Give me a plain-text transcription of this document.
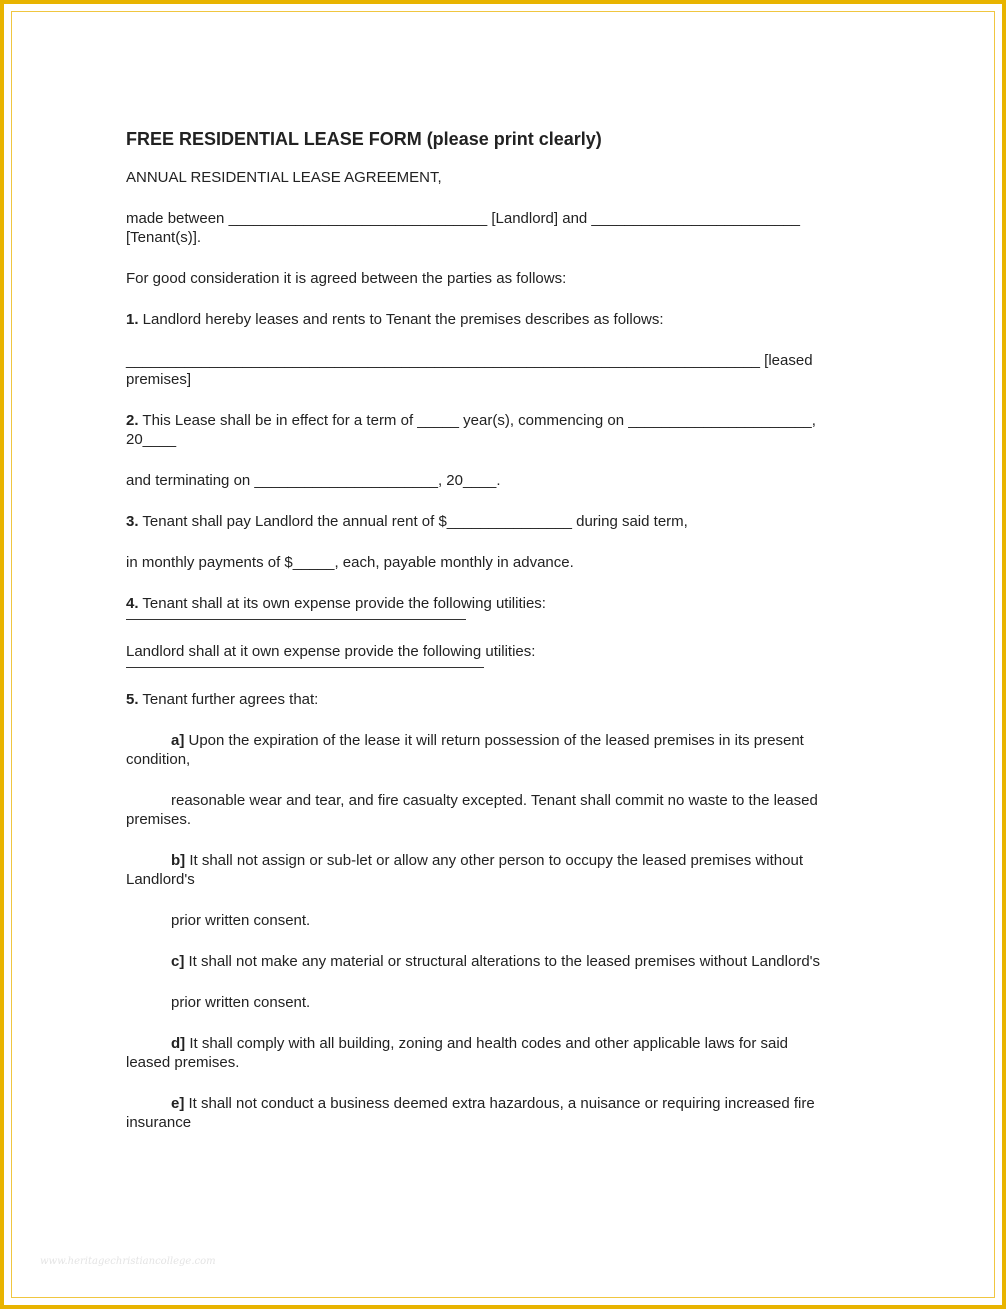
FREE RESIDENTIAL LEASE FORM (please print clearly)
ANNUAL RESIDENTIAL LEASE AGREEMENT,
made between _______________________________ [Landlord] and _________________________
[Tenant(s)].
For good consideration it is agreed between the parties as follows:
1. Landlord hereby leases and rents to Tenant the premises describes as follows:
____________________________________________________________________________ [leased
premises]
2. This Lease shall be in effect for a term of _____ year(s), commencing on ______________________,
20____
and terminating on ______________________, 20____.
3. Tenant shall pay Landlord the annual rent of $_______________ during said term,
in monthly payments of $_____, each, payable monthly in advance.
4. Tenant shall at its own expense provide the following utilities:
Landlord shall at it own expense provide the following utilities:
5. Tenant further agrees that:
a] Upon the expiration of the lease it will return possession of the leased premises in its present
condition,
reasonable wear and tear, and fire casualty excepted. Tenant shall commit no waste to the leased
premises.
b] It shall not assign or sub-let or allow any other person to occupy the leased premises without
Landlord's
prior written consent.
c] It shall not make any material or structural alterations to the leased premises without Landlord's
prior written consent.
d] It shall comply with all building, zoning and health codes and other applicable laws for said
leased premises.
e] It shall not conduct a business deemed extra hazardous, a nuisance or requiring increased fire
insurance
www.heritagechristiancollege.com
